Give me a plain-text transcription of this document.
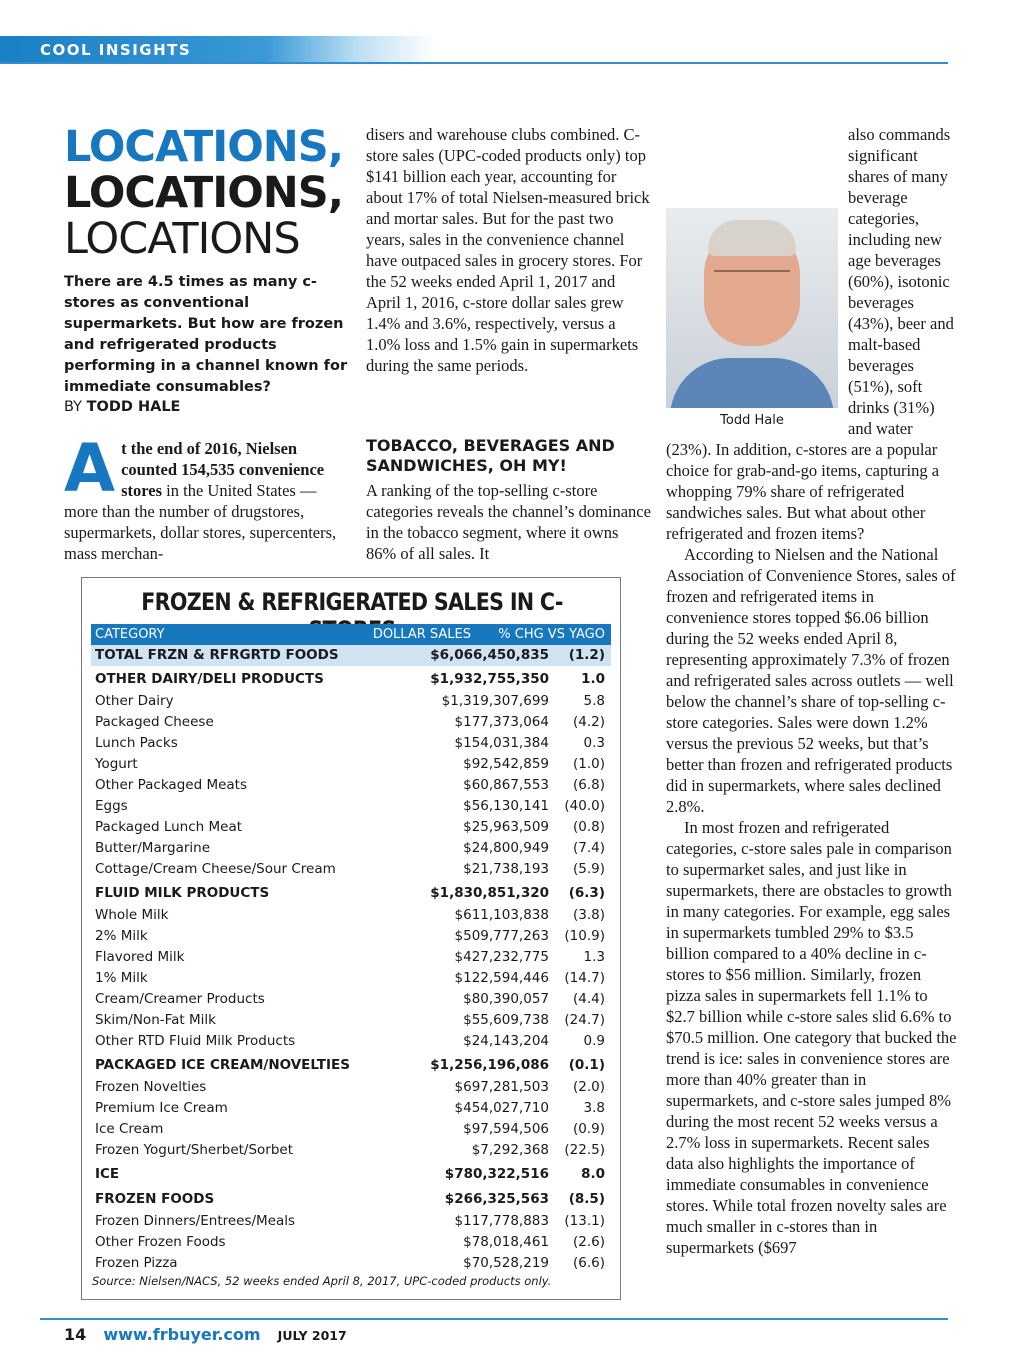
COOL INSIGHTS
LOCATIONS,
LOCATIONS,
LOCATIONS
There are 4.5 times as many c-stores as conventional supermarkets. But how are frozen and refrigerated products performing in a channel known for immediate consumables?
BY TODD HALE
A t the end of 2016, Nielsen counted 154,535 convenience stores in the United States — more than the number of drugstores, supermarkets, dollar stores, supercenters, mass merchan-

disers and warehouse clubs combined. C-store sales (UPC-coded products only) top $141 billion each year, accounting for about 17% of total Nielsen-measured brick and mortar sales. But for the past two years, sales in the convenience channel have outpaced sales in grocery stores. For the 52 weeks ended April 1, 2017 and April 1, 2016, c-store dollar sales grew 1.4% and 3.6%, respectively, versus a 1.0% loss and 1.5% gain in supermarkets during the same periods.

TOBACCO, BEVERAGES AND SANDWICHES, OH MY!

A ranking of the top-selling c-store categories reveals the channel’s dominance in the tobacco segment, where it owns 86% of all sales. It

Todd Hale
also commands significant shares of many beverage categories, including new age beverages (60%), isotonic beverages (43%), beer and malt-based beverages (51%), soft drinks (31%) and water (23%). In addition, c-stores are a popular choice for grab-and-go items, capturing a whopping 79% share of refrigerated sandwiches sales. But what about other refrigerated and frozen items?

According to Nielsen and the National Association of Convenience Stores, sales of frozen and refrigerated items in convenience stores topped $6.06 billion during the 52 weeks ended April 8, representing approximately 7.3% of frozen and refrigerated sales across outlets — well below the channel’s share of top-selling c-store categories. Sales were down 1.2% versus the previous 52 weeks, but that’s better than frozen and refrigerated products did in supermarkets, where sales declined 2.8%.

In most frozen and refrigerated categories, c-store sales pale in comparison to supermarket sales, and just like in supermarkets, there are obstacles to growth in many categories. For example, egg sales in supermarkets tumbled 29% to $3.5 billion compared to a 40% decline in c-stores to $56 million. Similarly, frozen pizza sales in supermarkets fell 1.1% to $2.7 billion while c-store sales slid 6.6% to $70.5 million. One category that bucked the trend is ice: sales in convenience stores are more than 40% greater than in supermarkets, and c-store sales jumped 8% during the most recent 52 weeks versus a 2.7% loss in supermarkets. Recent sales data also highlights the importance of immediate consumables in convenience stores. While total frozen novelty sales are much smaller in c-stores than in supermarkets ($697

FROZEN & REFRIGERATED SALES IN C-
CATEGORY	DOLLAR SALES % CHG VS YAGO
TOTAL FRZN & RFRGRTD FOODS	$6,066,450,835 (1.2)
OTHER DAIRY/DELI PRODUCTS	$1,932,755,350 1.0
Other Dairy	$1,319,307,699	5.8
Packaged Cheese	$177,373,064 (4.2)
Lunch Packs	$154,031,384	0.3
Yogurt	$92,542,859 (1.0)
Other Packaged Meats	$60,867,553 (6.8)
Eggs	$56,130,141 (40.0)
Packaged Lunch Meat	$25,963,509 (0.8)
Butter/Margarine	$24,800,949 (7.4)
Cottage/Cream Cheese/Sour Cream	$21,738,193 (5.9)
FLUID MILK PRODUCTS	$1,830,851,320 (6.3)
Whole Milk	$611,103,838 (3.8)
2% Milk	$509,777,263 (10.9)
Flavored Milk	$427,232,775	1.3
1% Milk	$122,594,446 (14.7)
Cream/Creamer Products	$80,390,057 (4.4)
Skim/Non-Fat Milk	$55,609,738 (24.7)
Other RTD Fluid Milk Products	$24,143,204	0.9
PACKAGED ICE CREAM/NOVELTIES	$1,256,196,086 (0.1)
Frozen Novelties	$697,281,503 (2.0)
Premium Ice Cream	$454,027,710	3.8
Ice Cream	$97,594,506 (0.9)
Frozen Yogurt/Sherbet/Sorbet	$7,292,368 (22.5)
ICE	$780,322,516 8.0
FROZEN FOODS	$266,325,563 (8.5)
Frozen Dinners/Entrees/Meals	$117,778,883 (13.1)
Other Frozen Foods	$78,018,461 (2.6)
Frozen Pizza	$70,528,219 (6.6)
Source: Nielsen/NACS, 52 weeks ended April 8, 2017, UPC-coded products only.
14 www.frbuyer.com JULY 2017
